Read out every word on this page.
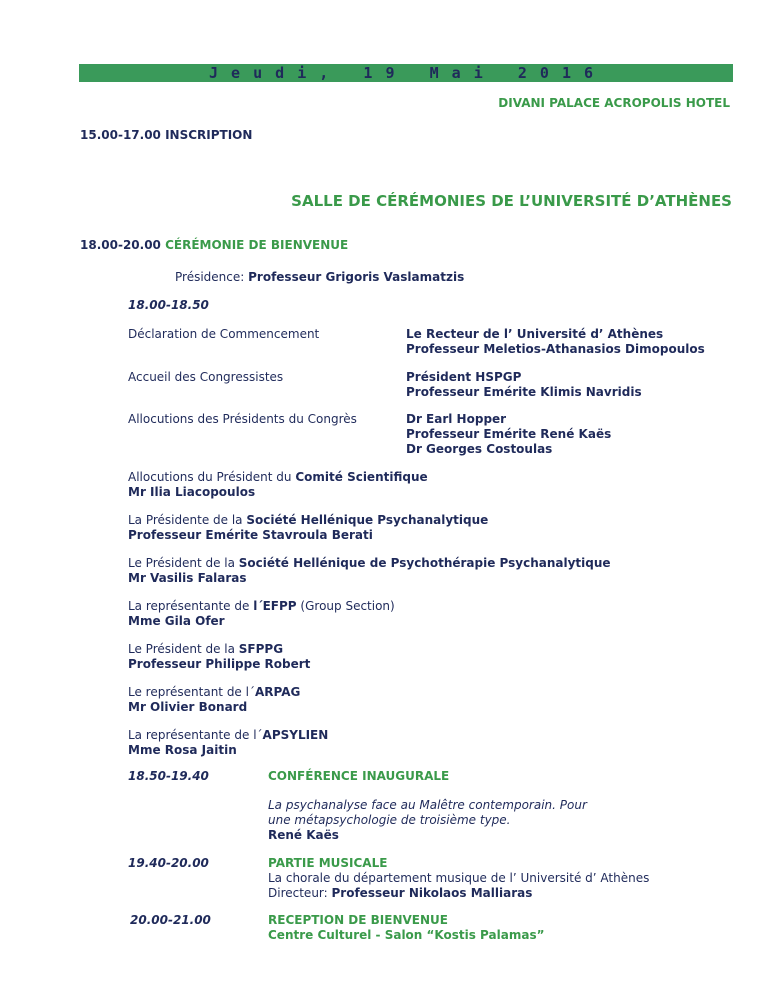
J e u d i ,   1 9   M a i   2 0 1 6
DIVANI PALACE ACROPOLIS HOTEL
15.00-17.00 INSCRIPTION
SALLE DE CÉRÉMONIES DE L’UNIVERSITÉ D’ATHÈNES
18.00-20.00 CÉRÉMONIE DE BIENVENUE
Présidence: Professeur Grigoris Vaslamatzis
18.00-18.50
Déclaration de Commencement	Le Recteur de l’ Université d’ Athènes
Professeur Meletios-Athanasios Dimopoulos
Accueil des Congressistes	Président HSPGP
Professeur Emérite Klimis Navridis
Allocutions des Présidents du Congrès	Dr Earl Hopper
Professeur Emérite René Kaës
Dr Georges Costoulas
Allocutions du Président du Comité Scientifique
Mr Ilia Liacopoulos
La Présidente de la Société Hellénique Psychanalytique
Professeur Emérite Stavroula Berati
Le Président de la Société Hellénique de Psychothérapie Psychanalytique
Mr Vasilis Falaras
La représentante de l΄EFPP (Group Section)
Mme Gila Ofer
Le Président de la SFPPG
Professeur Philippe Robert
Le représentant de l΄ARPAG
Mr Olivier Bonard
La représentante de l΄APSYLIEN
Mme Rosa Jaitin
18.50-19.40	CONFÉRENCE INAUGURALE
La psychanalyse face au Malêtre contemporain. Pour
une métapsychologie de troisième type.
René Kaës
19.40-20.00	PARTIE MUSICALE
La chorale du département musique de l’ Université d’ Athènes
Directeur: Professeur Nikolaos Malliaras
20.00-21.00	RECEPTION DE BIENVENUE
Centre Culturel - Salon “Kostis Palamas”
